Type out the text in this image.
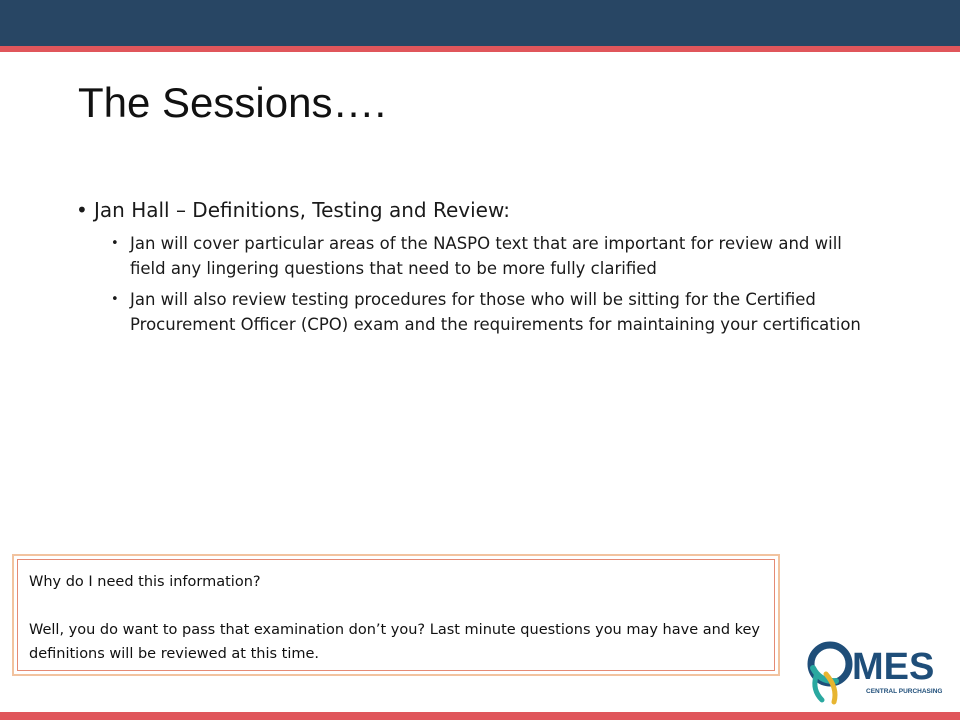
The Sessions….
• Jan Hall – Definitions, Testing and Review:
• Jan will cover particular areas of the NASPO text that are important for review and will field any lingering questions that need to be more fully clarified
• Jan will also review testing procedures for those who will be sitting for the Certified Procurement Officer (CPO) exam and the requirements for maintaining your certification

Why do I need this information?

Well, you do want to pass that examination don’t you? Last minute questions you may have and key definitions will be reviewed at this time.	MES
CENTRAL PURCHASING
